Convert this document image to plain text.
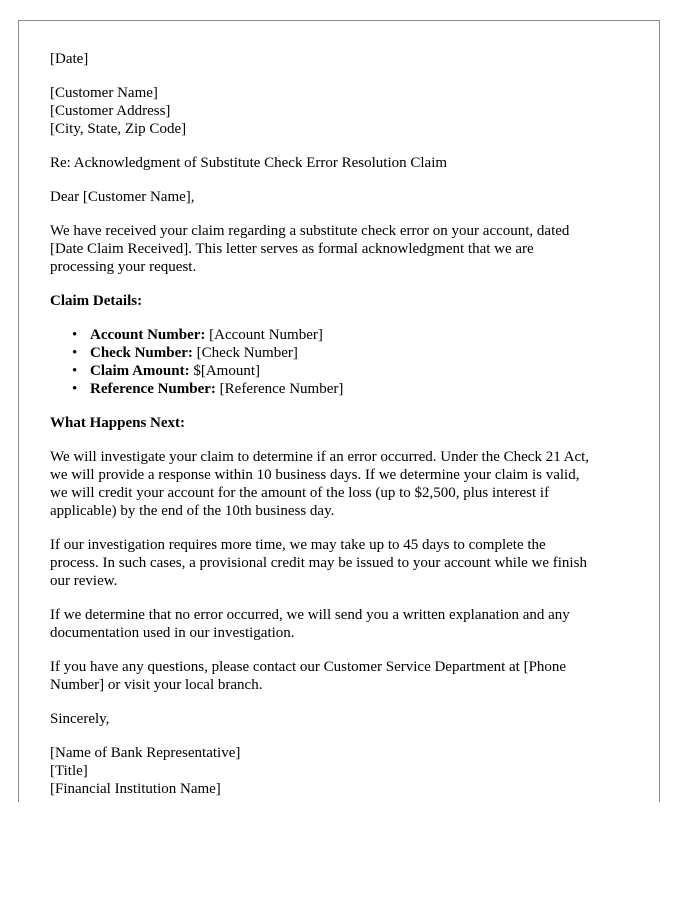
[Date]

[Customer Name]

[Customer Address]

[City, State, Zip Code]

Re: Acknowledgment of Substitute Check Error Resolution Claim

Dear [Customer Name],

We have received your claim regarding a substitute check error on your account, dated

[Date Claim Received]. This letter serves as formal acknowledgment that we are

processing your request.

Claim Details:

• Account Number: [Account Number]
• Check Number: [Check Number]
• Claim Amount: $[Amount]
• Reference Number: [Reference Number]

What Happens Next:

We will investigate your claim to determine if an error occurred. Under the Check 21 Act,

we will provide a response within 10 business days. If we determine your claim is valid,

we will credit your account for the amount of the loss (up to $2,500, plus interest if

applicable) by the end of the 10th business day.

If our investigation requires more time, we may take up to 45 days to complete the

process. In such cases, a provisional credit may be issued to your account while we finish

our review.

If we determine that no error occurred, we will send you a written explanation and any

documentation used in our investigation.

If you have any questions, please contact our Customer Service Department at [Phone

Number] or visit your local branch.

Sincerely,

[Name of Bank Representative]

[Title]

[Financial Institution Name]
